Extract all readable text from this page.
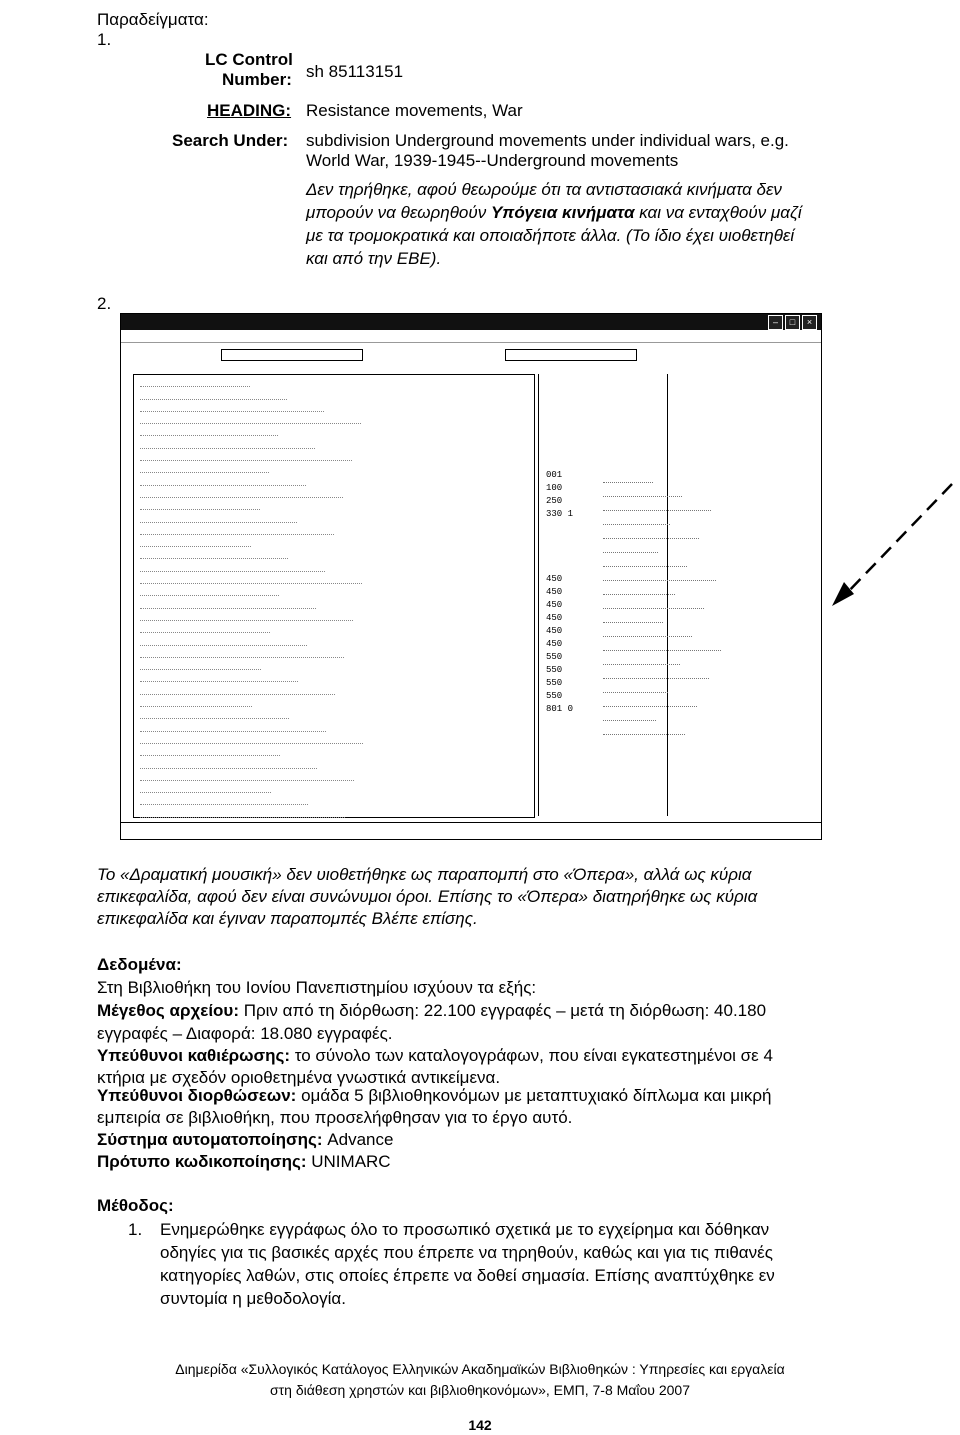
Παραδείγματα:
1.
LC Control
Number: sh 85113151
HEADING: Resistance movements, War
Search Under: subdivision Underground movements under individual wars, e.g.
World War, 1939-1945--Underground movements
Δεν τηρήθηκε, αφού θεωρούμε ότι τα αντιστασιακά κινήματα δεν
μπορούν να θεωρηθούν Υπόγεια κινήματα και να ενταχθούν μαζί
με τα τρομοκρατικά και οποιαδήποτε άλλα. (Το ίδιο έχει υιοθετηθεί
και από την ΕΒΕ).
2.
–	□	×

001
100
250
330 1
450
450
450
450
450
450
550
550
550
550
801 0
Το «Δραματική μουσική» δεν υιοθετήθηκε ως παραπομπή στο «Όπερα», αλλά ως κύρια
επικεφαλίδα, αφού δεν είναι συνώνυμοι όροι. Επίσης το «Όπερα» διατηρήθηκε ως κύρια
επικεφαλίδα και έγιναν παραπομπές Βλέπε επίσης.
Δεδομένα:
Στη Βιβλιοθήκη του Ιονίου Πανεπιστημίου ισχύουν τα εξής:
Μέγεθος αρχείου: Πριν από τη διόρθωση: 22.100 εγγραφές – μετά τη διόρθωση: 40.180
εγγραφές – Διαφορά: 18.080 εγγραφές.
Υπεύθυνοι καθιέρωσης: το σύνολο των καταλογογράφων, που είναι εγκατεστημένοι σε 4
κτήρια με σχεδόν οριοθετημένα γνωστικά αντικείμενα.
Υπεύθυνοι διορθώσεων: ομάδα 5 βιβλιοθηκονόμων με μεταπτυχιακό δίπλωμα και μικρή
εμπειρία σε βιβλιοθήκη, που προσελήφθησαν για το έργο αυτό.
Σύστημα αυτοματοποίησης: Advance
Πρότυπο κωδικοποίησης: UNIMARC
Μέθοδος:
1. Ενημερώθηκε εγγράφως όλο το προσωπικό σχετικά με το εγχείρημα και δόθηκαν
οδηγίες για τις βασικές αρχές που έπρεπε να τηρηθούν, καθώς και για τις πιθανές
κατηγορίες λαθών, στις οποίες έπρεπε να δοθεί σημασία. Επίσης αναπτύχθηκε εν
συντομία η μεθοδολογία.
Διημερίδα «Συλλογικός Κατάλογος Ελληνικών Ακαδημαϊκών Βιβλιοθηκών : Υπηρεσίες και εργαλεία
στη διάθεση χρηστών και βιβλιοθηκονόμων», ΕΜΠ, 7-8 Μαΐου 2007
142
